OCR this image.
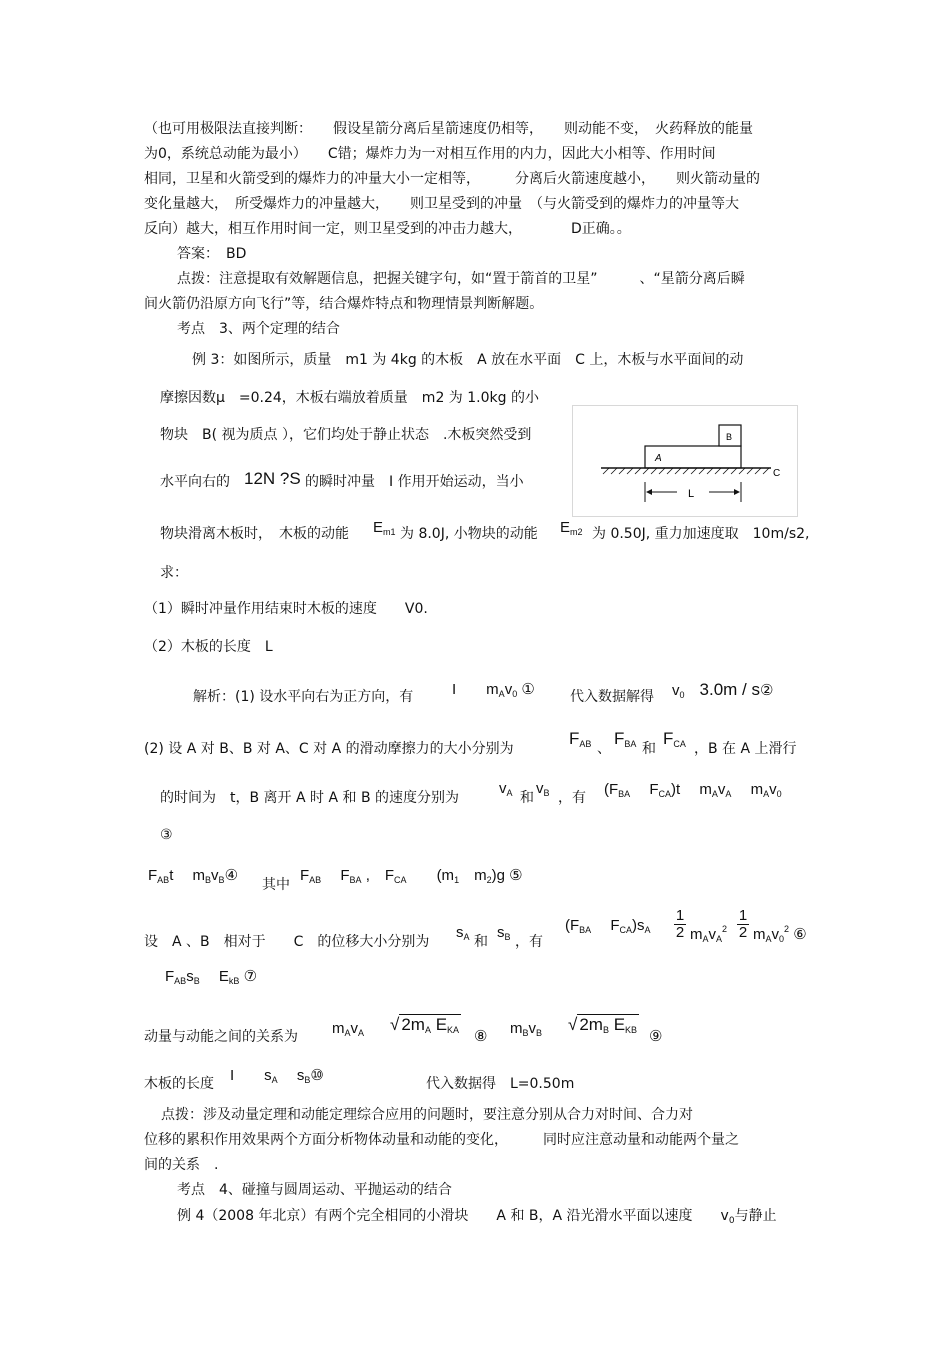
（也可用极限法直接判断：　　假设星箭分离后星箭速度仍相等，　　则动能不变，　火药释放的能量
为0，系统总动能为最小）　　C错；爆炸力为一对相互作用的内力，因此大小相等、作用时间
相同，卫星和火箭受到的爆炸力的冲量大小一定相等，　　　分离后火箭速度越小，　　则火箭动量的
变化量越大，　所受爆炸力的冲量越大，　　则卫星受到的冲量　（与火箭受到的爆炸力的冲量等大
反向）越大，相互作用时间一定，则卫星受到的冲击力越大，　　　　D正确。。
答案：　BD
点拨：注意提取有效解题信息，把握关键字句，如“置于箭首的卫星”　　　、“星箭分离后瞬
间火箭仍沿原方向飞行”等，结合爆炸特点和物理情景判断解题。
考点　3、两个定理的结合
例 3：如图所示，质量　m1 为 4kg 的木板　A 放在水平面　C 上，木板与水平面间的动
摩擦因数μ　=0.24，木板右端放着质量　m2 为 1.0kg 的小
物块　B( 视为质点 ），它们均处于静止状态　.木板突然受到
水平向右的 12N ?S 的瞬时冲量　I 作用开始运动，当小
物块滑离木板时，　木板的动能 $E_{m1}$ 为 8.0J, 小物块的动能 $E_{m2}$ 为 0.50J, 重力加速度取　10m/s2,
求：
（1）瞬时冲量作用结束时木板的速度　　V0.
（2）木板的长度　L
A
B
C
L
解析：(1) 设水平向右为正方向，有	I　　$m_Av_0$ ①	代入数据解得 $v_0$　 3.0m / s②
(2) 设 A 对 B、B 对 A、C 对 A 的滑动摩擦力的大小分别为
$F_{AB}$ 、
$F_{BA}$ 和
$F_{CA}$ ，B 在 A 上滑行
的时间为　t，B 离开 A 时 A 和 B 的速度分别为
$v_A$ 和
$v_B$ ，有 ($F_{BA}$　 $F_{CA})t$　 $m_Av_A$　 $m_Av_0$
③
$F_{AB}t$　 $m_Bv_B④$
其中
$F_{AB}$　 $F_{BA}$ ,　$F_{CA}$　　($m_1$　$m_2)g$ ⑤
设　A 、B　相对于　　C　的位移大小分别为
$s_A$ 和
$s_B$ ，有
($F_{BA}$　 $F_{CA})s_A \frac{1}{2} m_Av_A^2 \frac{1}{2} m_Av_0^2$ ⑥
$F_{AB}s_B$　 $E_{kB}$ ⑦
动量与动能之间的关系为 $m_Av_A$ √ $2m_A$ $E_{KA}$ ⑧ $m_Bv_B$ √ $2m_B$ $E_{KB}$ ⑨
木板的长度 I　　$s_A$　 $s_B⑩$	代入数据得　L=0.50m
点拨：涉及动量定理和动能定理综合应用的问题时，要注意分别从合力对时间、合力对
位移的累积作用效果两个方面分析物体动量和动能的变化，　　　同时应注意动量和动能两个量之
间的关系　.
考点　4、碰撞与圆周运动、平抛运动的结合
例 4（2008 年北京）有两个完全相同的小滑块　　A 和 B，A 沿光滑水平面以速度　　$v_0$与静止
